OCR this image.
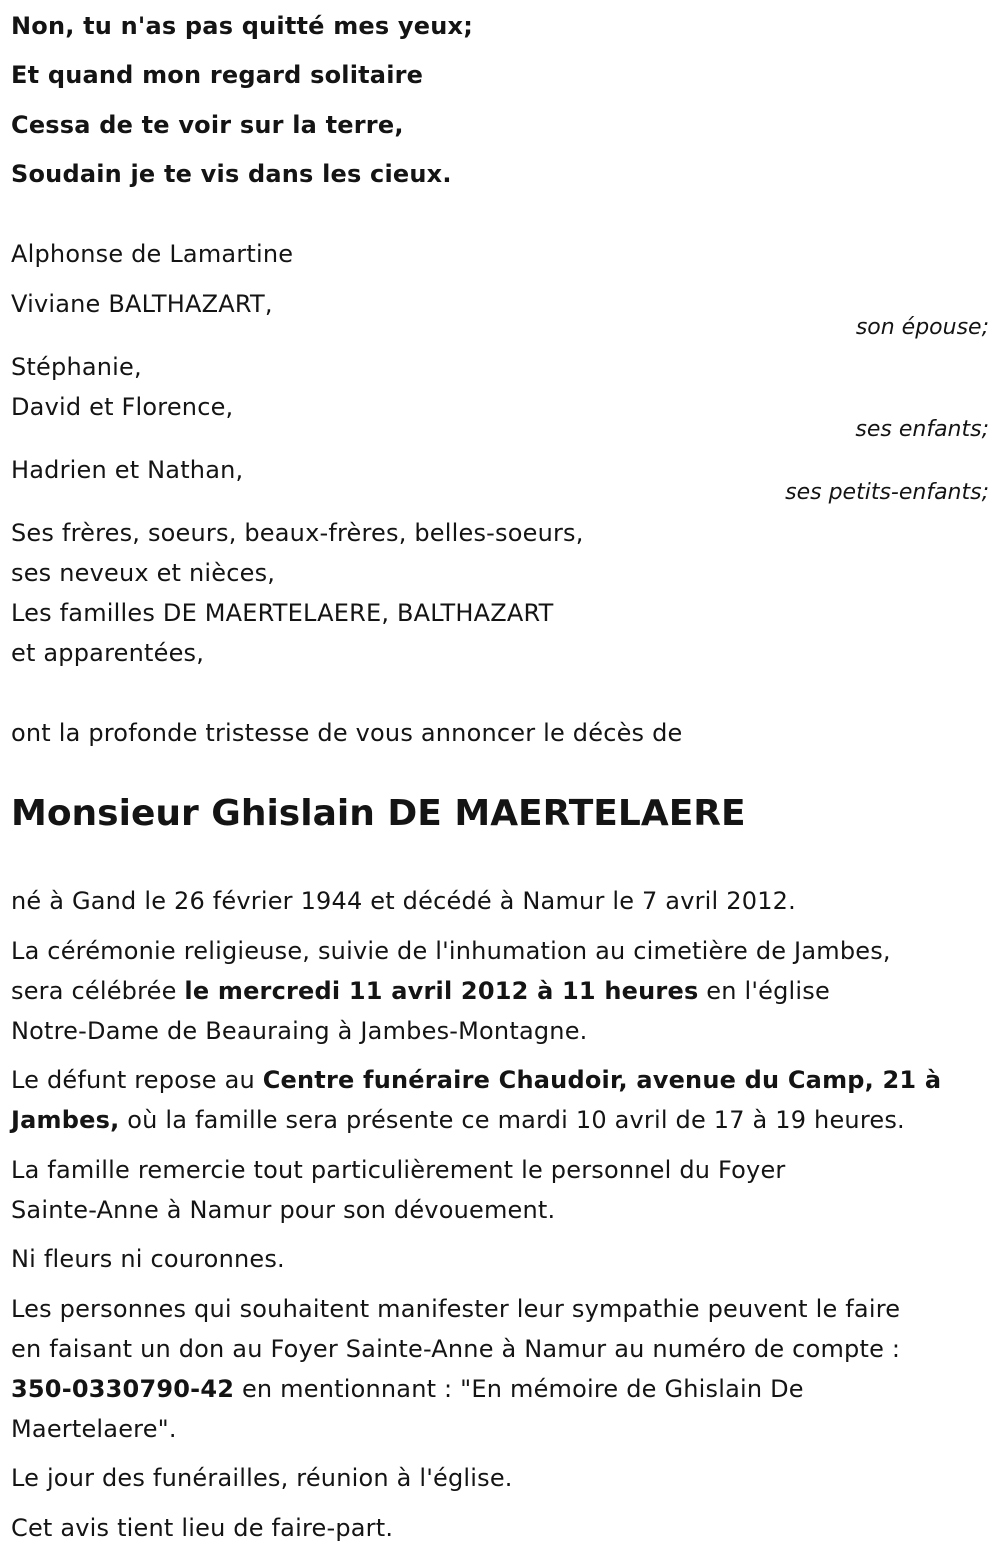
Non, tu n'as pas quitté mes yeux;
Et quand mon regard solitaire
Cessa de te voir sur la terre,
Soudain je te vis dans les cieux.
Alphonse de Lamartine
Viviane BALTHAZART,
son épouse;
Stéphanie,
David et Florence,
ses enfants;
Hadrien et Nathan,
ses petits-enfants;
Ses frères, soeurs, beaux-frères, belles-soeurs,
ses neveux et nièces,
Les familles DE MAERTELAERE, BALTHAZART
et apparentées,
ont la profonde tristesse de vous annoncer le décès de
Monsieur Ghislain DE MAERTELAERE
né à Gand le 26 février 1944 et décédé à Namur le 7 avril 2012.
La cérémonie religieuse, suivie de l'inhumation au cimetière de Jambes,
sera célébrée le mercredi 11 avril 2012 à 11 heures en l'église
Notre-Dame de Beauraing à Jambes-Montagne.
Le défunt repose au Centre funéraire Chaudoir, avenue du Camp, 21 à
Jambes, où la famille sera présente ce mardi 10 avril de 17 à 19 heures.
La famille remercie tout particulièrement le personnel du Foyer
Sainte-Anne à Namur pour son dévouement.
Ni fleurs ni couronnes.
Les personnes qui souhaitent manifester leur sympathie peuvent le faire
en faisant un don au Foyer Sainte-Anne à Namur au numéro de compte :
350-0330790-42 en mentionnant : "En mémoire de Ghislain De
Maertelaere".
Le jour des funérailles, réunion à l'église.
Cet avis tient lieu de faire-part.
